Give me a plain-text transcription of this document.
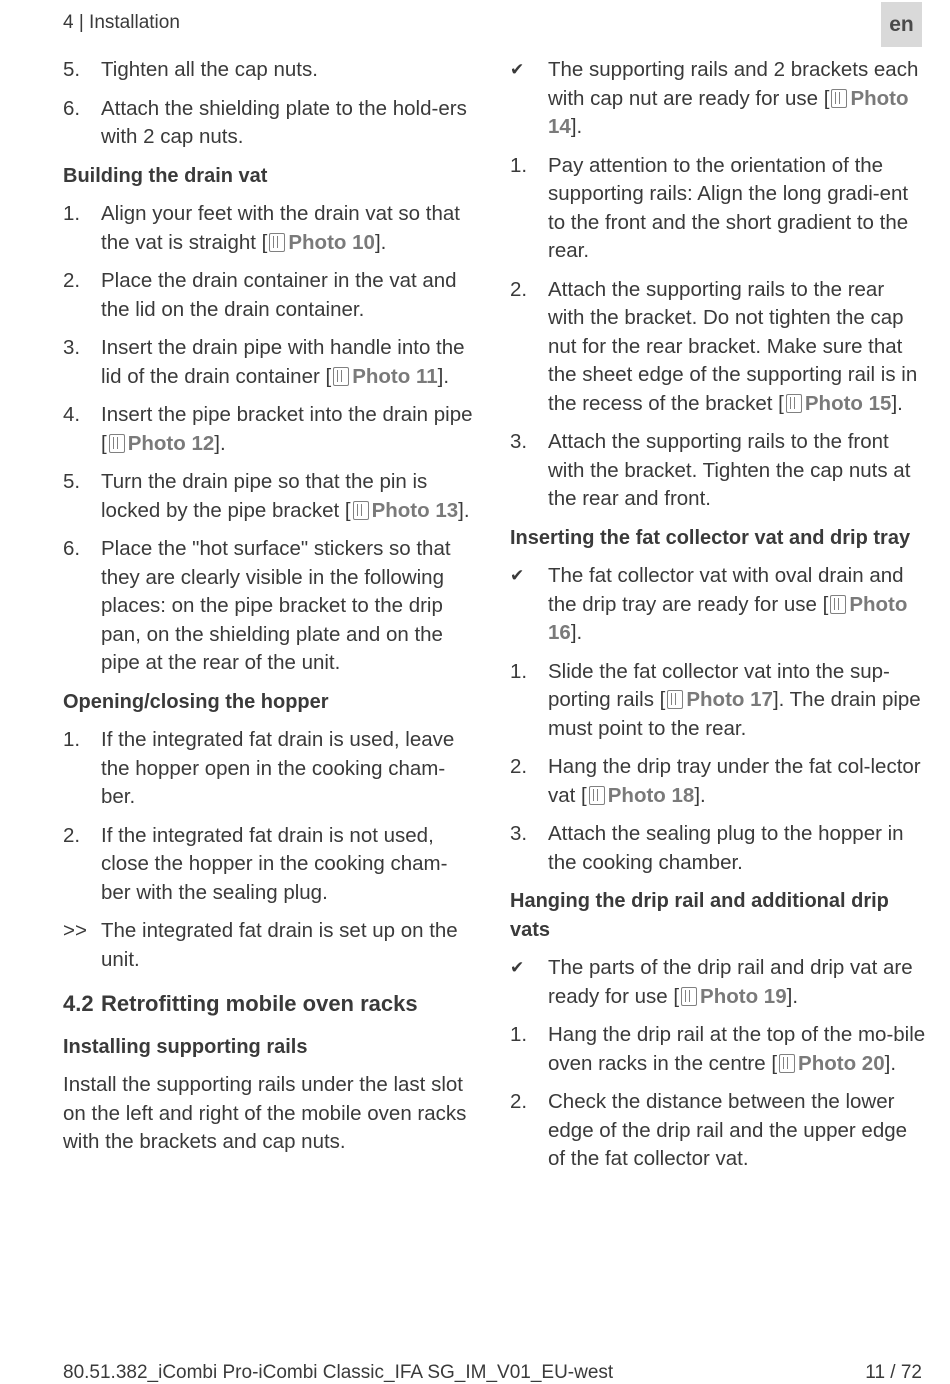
4 | Installation	en
5.	Tighten all the cap nuts.
6.	Attach the shielding plate to the hold-ers with 2 cap nuts.
Building the drain vat
1.	Align your feet with the drain vat so that the vat is straight [ Photo 10].
2.	Place the drain container in the vat and the lid on the drain container.
3.	Insert the drain pipe with handle into the lid of the drain container [ Photo 11].
4.	Insert the pipe bracket into the drain pipe [ Photo 12].
5.	Turn the drain pipe so that the pin is locked by the pipe bracket [ Photo 13].
6.	Place the "hot surface" stickers so that they are clearly visible in the following places: on the pipe bracket to the drip pan, on the shielding plate and on the pipe at the rear of the unit.
Opening/closing the hopper
1.	If the integrated fat drain is used, leave the hopper open in the cooking cham-ber.
2.	If the integrated fat drain is not used, close the hopper in the cooking cham-ber with the sealing plug.
>> The integrated fat drain is set up on the unit.
4.2 Retrofitting mobile oven racks
Installing supporting rails

Install the supporting rails under the last slot on the left and right of the mobile oven racks with the brackets and cap nuts.

✔	The supporting rails and 2 brackets each with cap nut are ready for use [ Photo 14].
1.	Pay attention to the orientation of the supporting rails: Align the long gradi-ent to the front and the short gradient to the rear.
2.	Attach the supporting rails to the rear with the bracket. Do not tighten the cap nut for the rear bracket. Make sure that the sheet edge of the supporting rail is in the recess of the bracket [ Photo 15].
3.	Attach the supporting rails to the front with the bracket. Tighten the cap nuts at the rear and front.
Inserting the fat collector vat and drip tray
✔	The fat collector vat with oval drain and the drip tray are ready for use [ Photo 16].
1.	Slide the fat collector vat into the sup-porting rails [ Photo 17]. The drain pipe must point to the rear.
2.	Hang the drip tray under the fat col-lector vat [ Photo 18].
3.	Attach the sealing plug to the hopper in the cooking chamber.
Hanging the drip rail and additional drip vats
✔	The parts of the drip rail and drip vat are ready for use [ Photo 19].
1.	Hang the drip rail at the top of the mo-bile oven racks in the centre [ Photo 20].
2.	Check the distance between the lower edge of the drip rail and the upper edge of the fat collector vat.
80.51.382_iCombi Pro-iCombi Classic_IFA SG_IM_V01_EU-west	11 / 72
